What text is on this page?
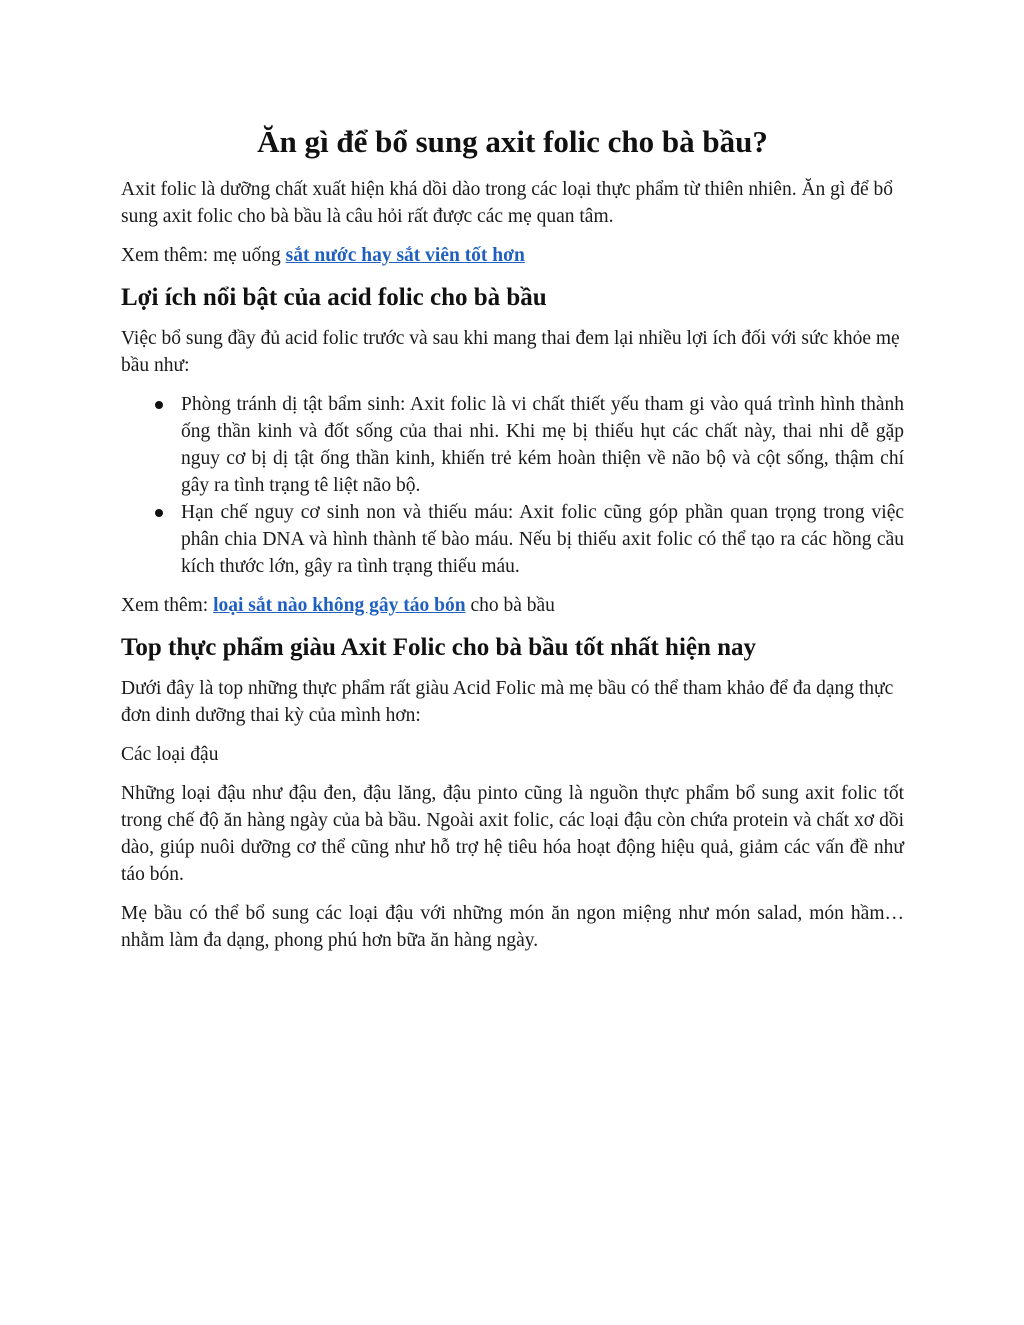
Ăn gì để bổ sung axit folic cho bà bầu?

Axit folic là dưỡng chất xuất hiện khá dồi dào trong các loại thực phẩm từ thiên nhiên. Ăn gì để bổ sung axit folic cho bà bầu là câu hỏi rất được các mẹ quan tâm.

Xem thêm: mẹ uống sắt nước hay sắt viên tốt hơn

Lợi ích nổi bật của acid folic cho bà bầu

Việc bổ sung đầy đủ acid folic trước và sau khi mang thai đem lại nhiều lợi ích đối với sức khỏe mẹ bầu như:

Phòng tránh dị tật bẩm sinh: Axit folic là vi chất thiết yếu tham gi vào quá trình hình thành ống thần kinh và đốt sống của thai nhi. Khi mẹ bị thiếu hụt các chất này, thai nhi dễ gặp nguy cơ bị dị tật ống thần kinh, khiến trẻ kém hoàn thiện về não bộ và cột sống, thậm chí gây ra tình trạng tê liệt não bộ.
Hạn chế nguy cơ sinh non và thiếu máu: Axit folic cũng góp phần quan trọng trong việc phân chia DNA và hình thành tế bào máu. Nếu bị thiếu axit folic có thể tạo ra các hồng cầu kích thước lớn, gây ra tình trạng thiếu máu.

Xem thêm: loại sắt nào không gây táo bón cho bà bầu

Top thực phẩm giàu Axit Folic cho bà bầu tốt nhất hiện nay

Dưới đây là top những thực phẩm rất giàu Acid Folic mà mẹ bầu có thể tham khảo để đa dạng thực đơn dinh dưỡng thai kỳ của mình hơn:

Các loại đậu

Những loại đậu như đậu đen, đậu lăng, đậu pinto cũng là nguồn thực phẩm bổ sung axit folic tốt trong chế độ ăn hàng ngày của bà bầu. Ngoài axit folic, các loại đậu còn chứa protein và chất xơ dồi dào, giúp nuôi dưỡng cơ thể cũng như hỗ trợ hệ tiêu hóa hoạt động hiệu quả, giảm các vấn đề như táo bón.

Mẹ bầu có thể bổ sung các loại đậu với những món ăn ngon miệng như món salad, món hầm… nhằm làm đa dạng, phong phú hơn bữa ăn hàng ngày.
